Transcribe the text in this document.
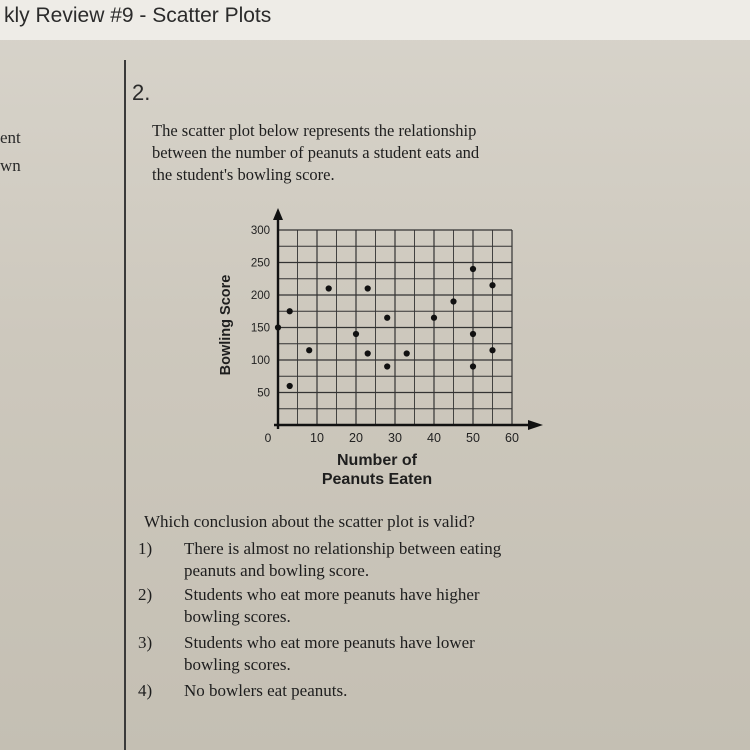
kly Review #9 - Scatter Plots
ent
wn
2.
The scatter plot below represents the relationship
between the number of peanuts a student eats and
the student's bowling score.
10 20 30 40 50 60
50
100
150
200
250
300
0
Bowling Score
Number of
Peanuts Eaten
Which conclusion about the scatter plot is valid?
1) There is almost no relationship between eating
peanuts and bowling score.
2) Students who eat more peanuts have higher
bowling scores.
3) Students who eat more peanuts have lower
bowling scores.
4) No bowlers eat peanuts.
